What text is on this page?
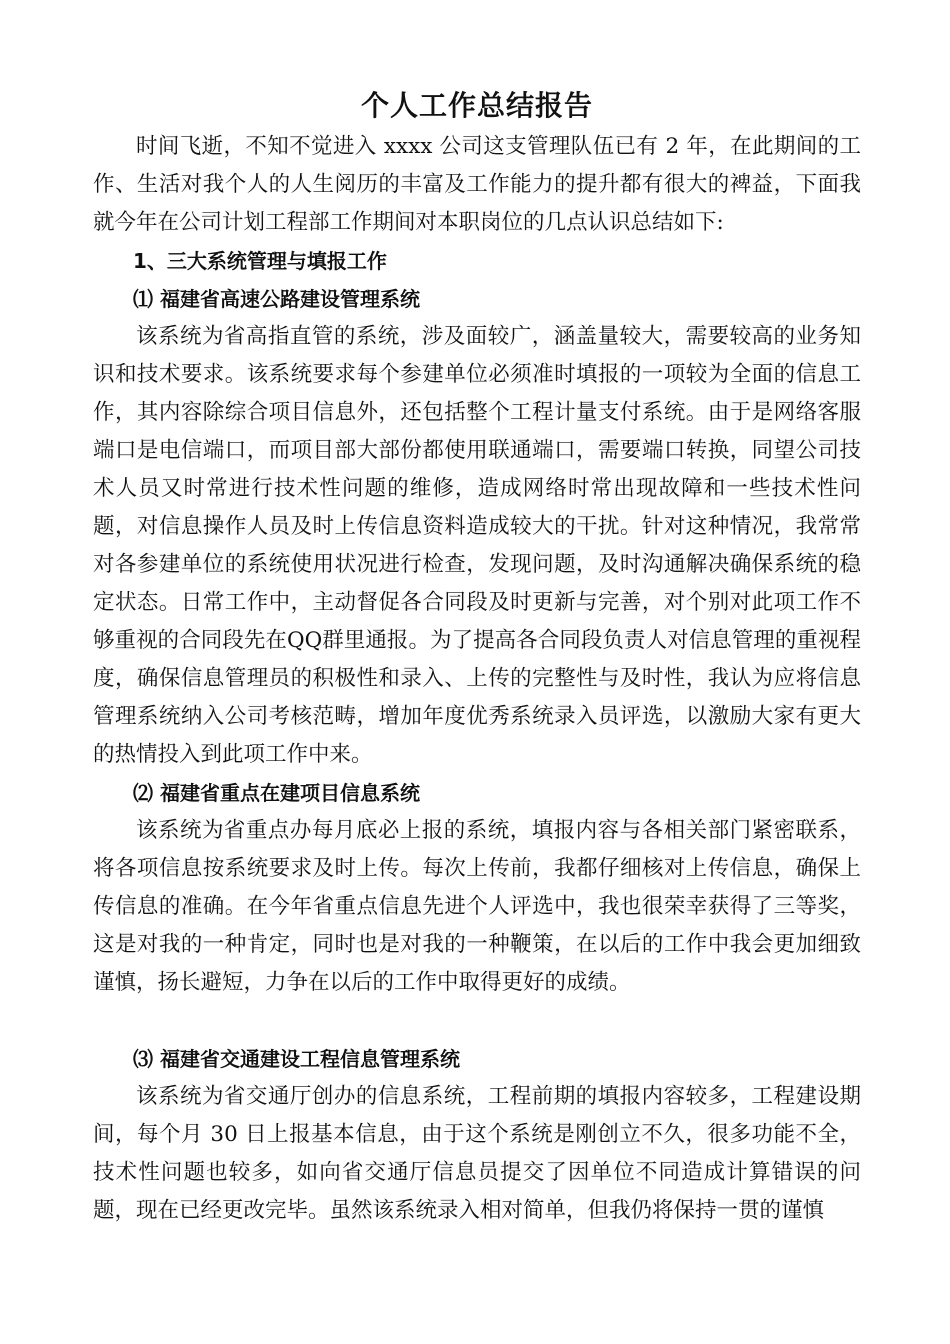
个人工作总结报告

时间飞逝，不知不觉进入 xxxx 公司这支管理队伍已有 2 年，在此期间的工作、生活对我个人的人生阅历的丰富及工作能力的提升都有很大的裨益，下面我就今年在公司计划工程部工作期间对本职岗位的几点认识总结如下:

1、三大系统管理与填报工作

⑴ 福建省高速公路建设管理系统

该系统为省高指直管的系统，涉及面较广，涵盖量较大，需要较高的业务知识和技术要求。该系统要求每个参建单位必须准时填报的一项较为全面的信息工作，其内容除综合项目信息外，还包括整个工程计量支付系统。由于是网络客服端口是电信端口，而项目部大部份都使用联通端口，需要端口转换，同望公司技术人员又时常进行技术性问题的维修，造成网络时常出现故障和一些技术性问题，对信息操作人员及时上传信息资料造成较大的干扰。针对这种情况，我常常对各参建单位的系统使用状况进行检查，发现问题，及时沟通解决确保系统的稳定状态。日常工作中，主动督促各合同段及时更新与完善，对个别对此项工作不够重视的合同段先在QQ群里通报。为了提高各合同段负责人对信息管理的重视程度，确保信息管理员的积极性和录入、上传的完整性与及时性，我认为应将信息管理系统纳入公司考核范畴，增加年度优秀系统录入员评选，以激励大家有更大的热情投入到此项工作中来。

⑵ 福建省重点在建项目信息系统

该系统为省重点办每月底必上报的系统，填报内容与各相关部门紧密联系，将各项信息按系统要求及时上传。每次上传前，我都仔细核对上传信息，确保上传信息的准确。在今年省重点信息先进个人评选中，我也很荣幸获得了三等奖，这是对我的一种肯定，同时也是对我的一种鞭策，在以后的工作中我会更加细致谨慎，扬长避短，力争在以后的工作中取得更好的成绩。

⑶ 福建省交通建设工程信息管理系统

该系统为省交通厅创办的信息系统，工程前期的填报内容较多，工程建设期间，每个月 30 日上报基本信息，由于这个系统是刚创立不久，很多功能不全，技术性问题也较多，如向省交通厅信息员提交了因单位不同造成计算错误的问题，现在已经更改完毕。虽然该系统录入相对简单，但我仍将保持一贯的谨慎
